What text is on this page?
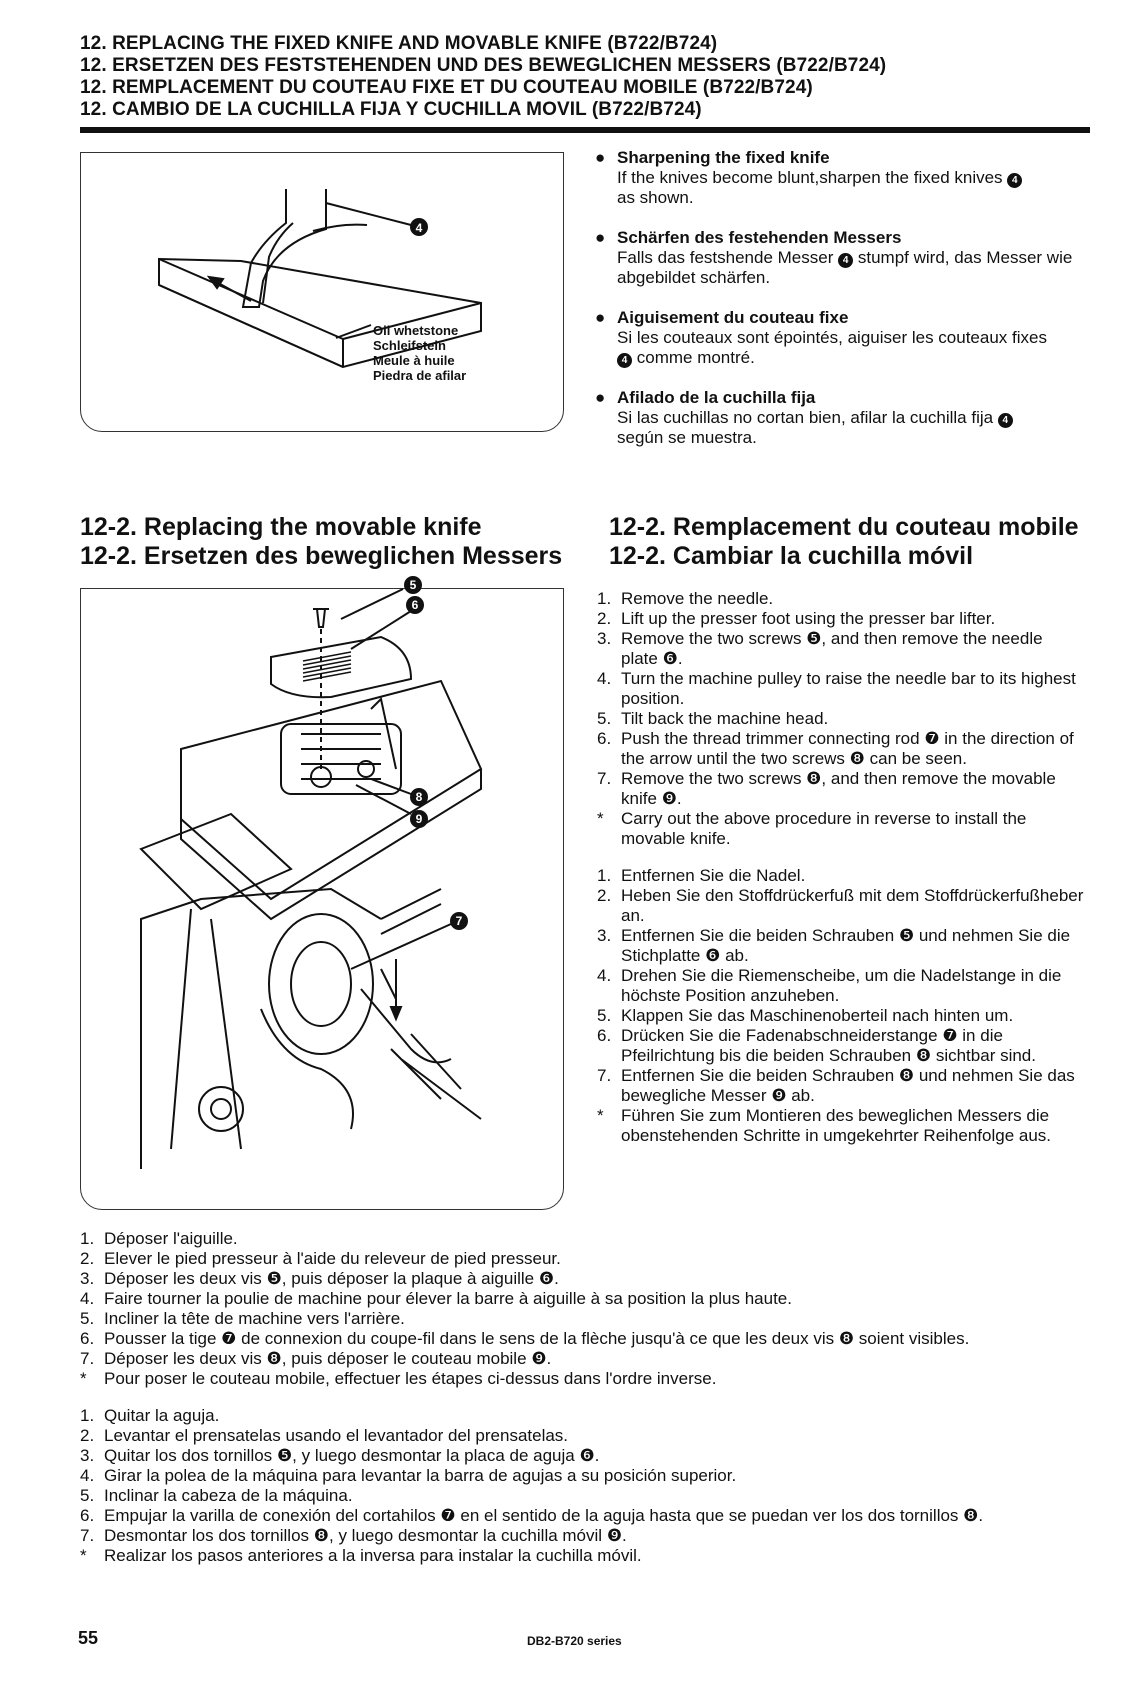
12. REPLACING THE FIXED KNIFE AND MOVABLE KNIFE (B722/B724)
12. ERSETZEN DES FESTSTEHENDEN UND DES BEWEGLICHEN MESSERS (B722/B724)
12. REMPLACEMENT DU COUTEAU FIXE ET DU COUTEAU MOBILE (B722/B724)
12. CAMBIO DE LA CUCHILLA FIJA Y CUCHILLA MOVIL (B722/B724)
4
Oil whetstone
Schleifstein
Meule à huile
Piedra de afilar
● Sharpening the fixed knife
If the knives become blunt,sharpen the fixed knives 4
as shown.
● Schärfen des festehenden Messers
Falls das festshende Messer 4 stumpf wird, das Messer wie abgebildet schärfen.
● Aiguisement du couteau fixe
Si les couteaux sont épointés, aiguiser les couteaux fixes
4 comme montré.
● Afilado de la cuchilla fija
Si las cuchillas no cortan bien, afilar la cuchilla fija 4
según se muestra.
12-2. Replacing the movable knife
12-2. Ersetzen des beweglichen Messers
12-2. Remplacement du couteau mobile
12-2. Cambiar la cuchilla móvil
5
6
8
9
7
1. Remove the needle.
2. Lift up the presser foot using the presser bar lifter.
3. Remove the two screws ❺, and then remove the needle plate ❻.
4. Turn the machine pulley to raise the needle bar to its highest position.
5. Tilt back the machine head.
6. Push the thread trimmer connecting rod ❼ in the direction of the arrow until the two screws ❽ can be seen.
7. Remove the two screws ❽, and then remove the movable knife ❾.
* Carry out the above procedure in reverse to install the movable knife.
1. Entfernen Sie die Nadel.
2. Heben Sie den Stoffdrückerfuß mit dem Stoffdrückerfußheber an.
3. Entfernen Sie die beiden Schrauben ❺ und nehmen Sie die Stichplatte ❻ ab.
4. Drehen Sie die Riemenscheibe, um die Nadelstange in die höchste Position anzuheben.
5. Klappen Sie das Maschinenoberteil nach hinten um.
6. Drücken Sie die Fadenabschneiderstange ❼ in die Pfeilrichtung bis die beiden Schrauben ❽ sichtbar sind.
7. Entfernen Sie die beiden Schrauben ❽ und nehmen Sie das bewegliche Messer ❾ ab.
* Führen Sie zum Montieren des beweglichen Messers die obenstehenden Schritte in umgekehrter Reihenfolge aus.
1. Déposer l'aiguille.
2. Elever le pied presseur à l'aide du releveur de pied presseur.
3. Déposer les deux vis ❺, puis déposer la plaque à aiguille ❻.
4. Faire tourner la poulie de machine pour élever la barre à aiguille à sa position la plus haute.
5. Incliner la tête de machine vers l'arrière.
6. Pousser la tige ❼ de connexion du coupe-fil dans le sens de la flèche jusqu'à ce que les deux vis ❽ soient visibles.
7. Déposer les deux vis ❽, puis déposer le couteau mobile ❾.
* Pour poser le couteau mobile, effectuer les étapes ci-dessus dans l'ordre inverse.
1. Quitar la aguja.
2. Levantar el prensatelas usando el levantador del prensatelas.
3. Quitar los dos tornillos ❺, y luego desmontar la placa de aguja ❻.
4. Girar la polea de la máquina para levantar la barra de agujas a su posición superior.
5. Inclinar la cabeza de la máquina.
6. Empujar la varilla de conexión del cortahilos ❼ en el sentido de la aguja hasta que se puedan ver los dos tornillos ❽.
7. Desmontar los dos tornillos ❽, y luego desmontar la cuchilla móvil ❾.
* Realizar los pasos anteriores a la inversa para instalar la cuchilla móvil.
55	DB2-B720 series
